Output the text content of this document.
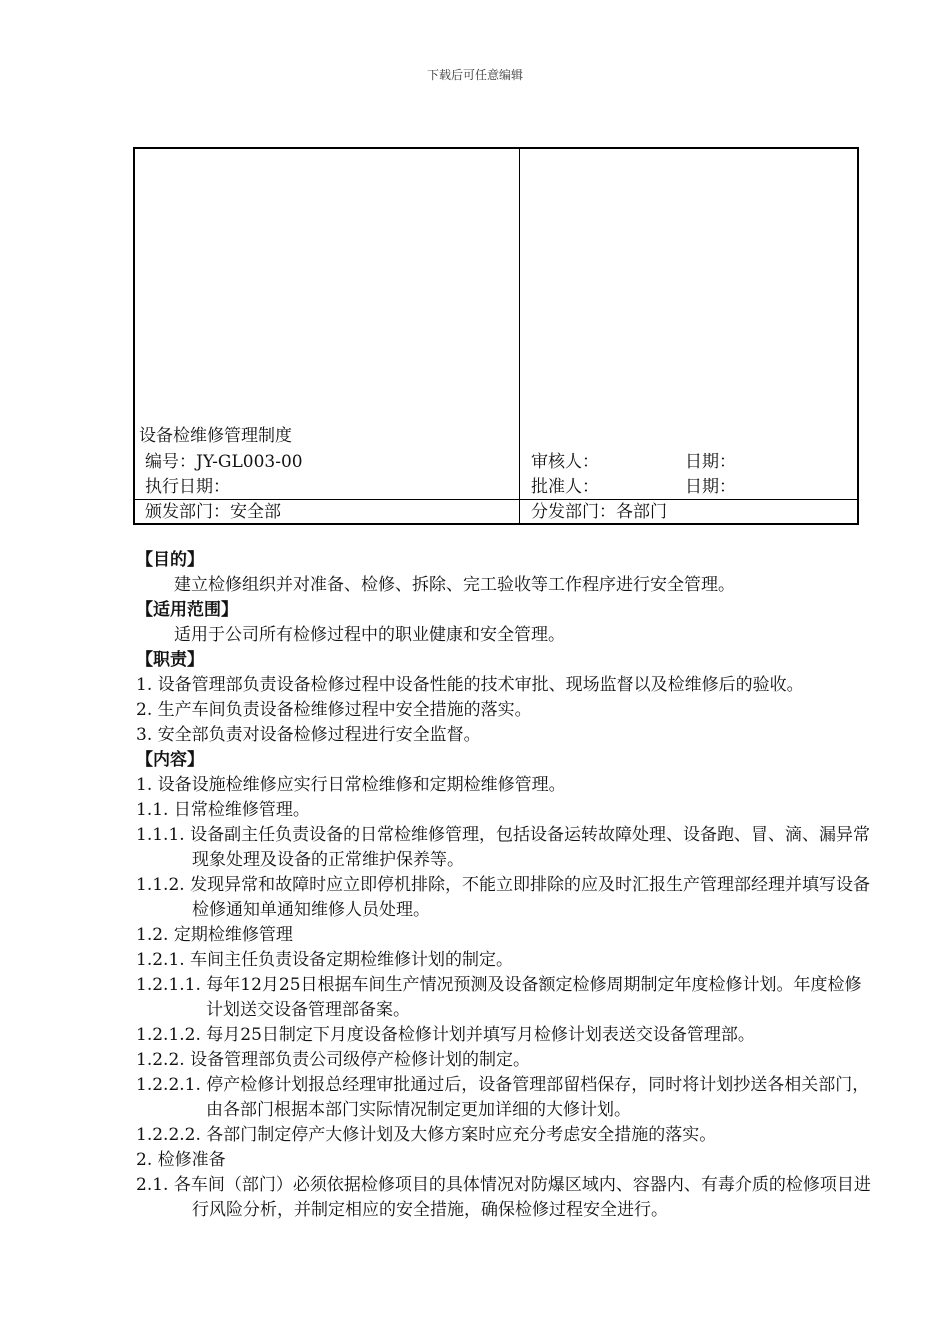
下载后可任意编辑
设备检维修管理制度
编号：JY-GL003-00
执行日期：
颁发部门：安全部
审核人：	日期：
批准人：	日期：
分发部门：各部门
【目的】
建立检修组织并对准备、检修、拆除、完工验收等工作程序进行安全管理。
【适用范围】
适用于公司所有检修过程中的职业健康和安全管理。
【职责】
1. 设备管理部负责设备检修过程中设备性能的技术审批、现场监督以及检维修后的验收。
2. 生产车间负责设备检维修过程中安全措施的落实。
3. 安全部负责对设备检修过程进行安全监督。
【内容】
1. 设备设施检维修应实行日常检维修和定期检维修管理。
1.1. 日常检维修管理。
1.1.1. 设备副主任负责设备的日常检维修管理，包括设备运转故障处理、设备跑、冒、滴、漏异常现象处理及设备的正常维护保养等。
1.1.2. 发现异常和故障时应立即停机排除，不能立即排除的应及时汇报生产管理部经理并填写设备检修通知单通知维修人员处理。
1.2. 定期检维修管理
1.2.1. 车间主任负责设备定期检维修计划的制定。
1.2.1.1. 每年12月25日根据车间生产情况预测及设备额定检修周期制定年度检修计划。年度检修计划送交设备管理部备案。
1.2.1.2. 每月25日制定下月度设备检修计划并填写月检修计划表送交设备管理部。
1.2.2. 设备管理部负责公司级停产检修计划的制定。
1.2.2.1. 停产检修计划报总经理审批通过后，设备管理部留档保存，同时将计划抄送各相关部门，由各部门根据本部门实际情况制定更加详细的大修计划。
1.2.2.2. 各部门制定停产大修计划及大修方案时应充分考虑安全措施的落实。
2. 检修准备
2.1. 各车间（部门）必须依据检修项目的具体情况对防爆区域内、容器内、有毒介质的检修项目进行风险分析，并制定相应的安全措施，确保检修过程安全进行。
